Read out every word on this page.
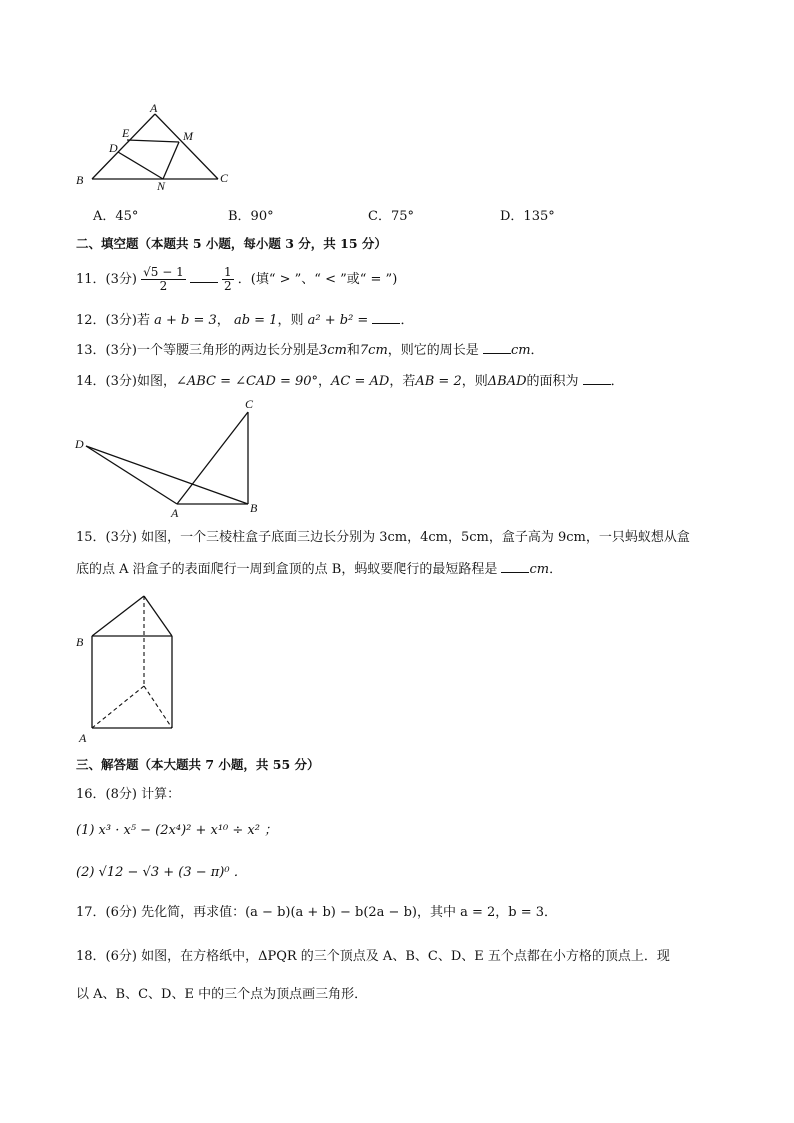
A
E	M
D
B	N
C
A．45°	B．90°	C．75°	D．135°
二、填空题（本题共 5 小题，每小题 3 分，共 15 分）
11．(3分) $\frac{√5 - 1}{2}$
	$\frac{1}{2}$ ．(填“ > ”、“ < ”或“ = ”)
12．(3分)若 a + b = 3， ab = 1，则 a² + b² = ．
13．(3分)一个等腰三角形的两边长分别是3cm和7cm，则它的周长是 cm．
14．(3分)如图，∠ABC = ∠CAD = 90°，AC = AD，若AB = 2，则ΔBAD的面积为 ．
C
D
A	B
15．(3分) 如图，一个三棱柱盒子底面三边长分别为 3cm，4cm，5cm，盒子高为 9cm，一只蚂蚁想从盒
底的点 A 沿盒子的表面爬行一周到盒顶的点 B，蚂蚁要爬行的最短路程是 cm．
B
A
三、解答题（本大题共 7 小题，共 55 分）
16．(8分) 计算：
(1) x³ · x⁵ − (2x⁴)² + x¹⁰ ÷ x² ；
(2) √12 − √3 + (3 − π)⁰ ．
17．(6分) 先化简，再求值：(a − b)(a + b) − b(2a − b)，其中 a = 2，b = 3．
18．(6分) 如图，在方格纸中，ΔPQR 的三个顶点及 A、B、C、D、E 五个点都在小方格的顶点上．现
以 A、B、C、D、E 中的三个点为顶点画三角形．
